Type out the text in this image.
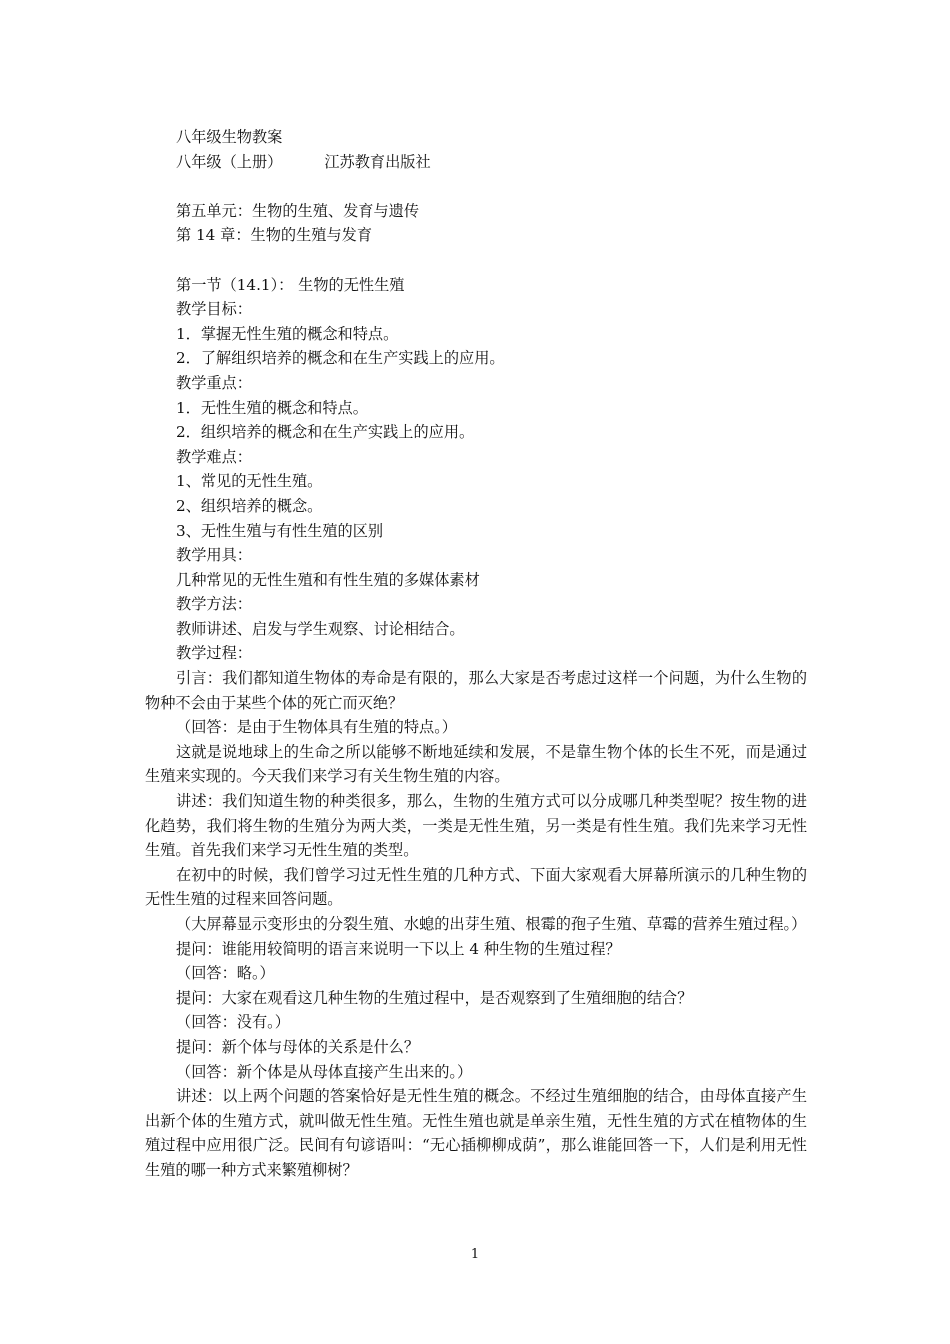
八年级生物教案

八年级（上册）	江苏教育出版社

第五单元：生物的生殖、发育与遗传

第 14 章：生物的生殖与发育

第一节（14.1）： 生物的无性生殖

教学目标：

1．掌握无性生殖的概念和特点。

2．了解组织培养的概念和在生产实践上的应用。

教学重点：

1．无性生殖的概念和特点。

2．组织培养的概念和在生产实践上的应用。

教学难点：

1、常见的无性生殖。

2、组织培养的概念。

3、无性生殖与有性生殖的区别

教学用具：

几种常见的无性生殖和有性生殖的多媒体素材

教学方法：

教师讲述、启发与学生观察、讨论相结合。

教学过程：

引言：我们都知道生物体的寿命是有限的，那么大家是否考虑过这样一个问题，为什么生物的物种不会由于某些个体的死亡而灭绝？

（回答：是由于生物体具有生殖的特点。）

这就是说地球上的生命之所以能够不断地延续和发展，不是靠生物个体的长生不死，而是通过生殖来实现的。今天我们来学习有关生物生殖的内容。

讲述：我们知道生物的种类很多，那么，生物的生殖方式可以分成哪几种类型呢？按生物的进化趋势，我们将生物的生殖分为两大类，一类是无性生殖，另一类是有性生殖。我们先来学习无性生殖。首先我们来学习无性生殖的类型。

在初中的时候，我们曾学习过无性生殖的几种方式、下面大家观看大屏幕所演示的几种生物的无性生殖的过程来回答问题。

（大屏幕显示变形虫的分裂生殖、水螅的出芽生殖、根霉的孢子生殖、草霉的营养生殖过程。）

提问：谁能用较简明的语言来说明一下以上 4 种生物的生殖过程？

（回答：略。）

提问：大家在观看这几种生物的生殖过程中，是否观察到了生殖细胞的结合？

（回答：没有。）

提问：新个体与母体的关系是什么？

（回答：新个体是从母体直接产生出来的。）

讲述：以上两个问题的答案恰好是无性生殖的概念。不经过生殖细胞的结合，由母体直接产生出新个体的生殖方式，就叫做无性生殖。无性生殖也就是单亲生殖，无性生殖的方式在植物体的生殖过程中应用很广泛。民间有句谚语叫：“无心插柳柳成荫”，那么谁能回答一下，人们是利用无性生殖的哪一种方式来繁殖柳树？

1
